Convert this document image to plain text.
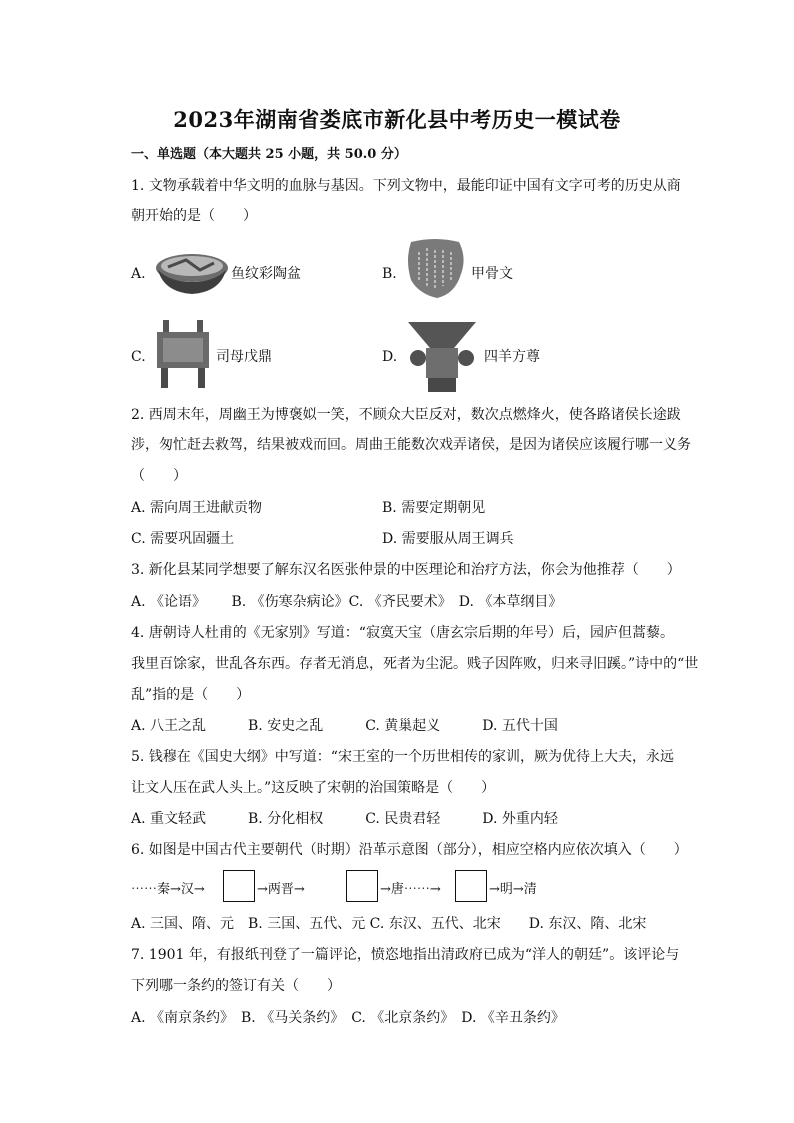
2023年湖南省娄底市新化县中考历史一模试卷
一、单选题（本大题共 25 小题，共 50.0 分）
1. 文物承载着中华文明的血脉与基因。下列文物中，最能印证中国有文字可考的历史从商
朝开始的是（　　）
A.	鱼纹彩陶盆	B.	甲骨文
C.	司母戊鼎	D.	四羊方尊
2. 西周末年，周幽王为博褒姒一笑，不顾众大臣反对，数次点燃烽火，使各路诸侯长途跋
涉，匆忙赶去救驾，结果被戏而回。周曲王能数次戏弄诸侯，是因为诸侯应该履行哪一义务
（　　）
A. 需向周王进献贡物	B. 需要定期朝见
C. 需要巩固疆土	D. 需要服从周王调兵
3. 新化县某同学想要了解东汉名医张仲景的中医理论和治疗方法，你会为他推荐（　　）
A. 《论语》　　 B. 《伤寒杂病论》C. 《齐民要术》　D. 《本草纲目》
4. 唐朝诗人杜甫的《无家别》写道：“寂寞天宝（唐玄宗后期的年号）后，园庐但蒿藜。
我里百馀家，世乱各东西。存者无消息，死者为尘泥。贱子因阵败，归来寻旧蹊。”诗中的“世
乱”指的是（　　）
A. 八王之乱　　　B. 安史之乱　　　C. 黄巢起义　　　D. 五代十国
5. 钱穆在《国史大纲》中写道：“宋王室的一个历世相传的家训，厥为优待上大夫，永远
让文人压在武人头上。”这反映了宋朝的治国策略是（　　）
A. 重文轻武　　　B. 分化相权　　　C. 民贵君轻　　　D. 外重内轻
6. 如图是中国古代主要朝代（时期）沿革示意图（部分），相应空格内应依次填入（　　）
⋯⋯秦→汉→	→两晋→	→唐⋯⋯→	→明→清
A. 三国、隋、元　B. 三国、五代、元 C. 东汉、五代、北宋　　D. 东汉、隋、北宋
7. 1901 年，有报纸刊登了一篇评论，愤恣地指出清政府已成为“洋人的朝廷”。该评论与
下列哪一条约的签订有关（　　）
A. 《南京条约》　B. 《马关条约》　C. 《北京条约》　D. 《辛丑条约》
